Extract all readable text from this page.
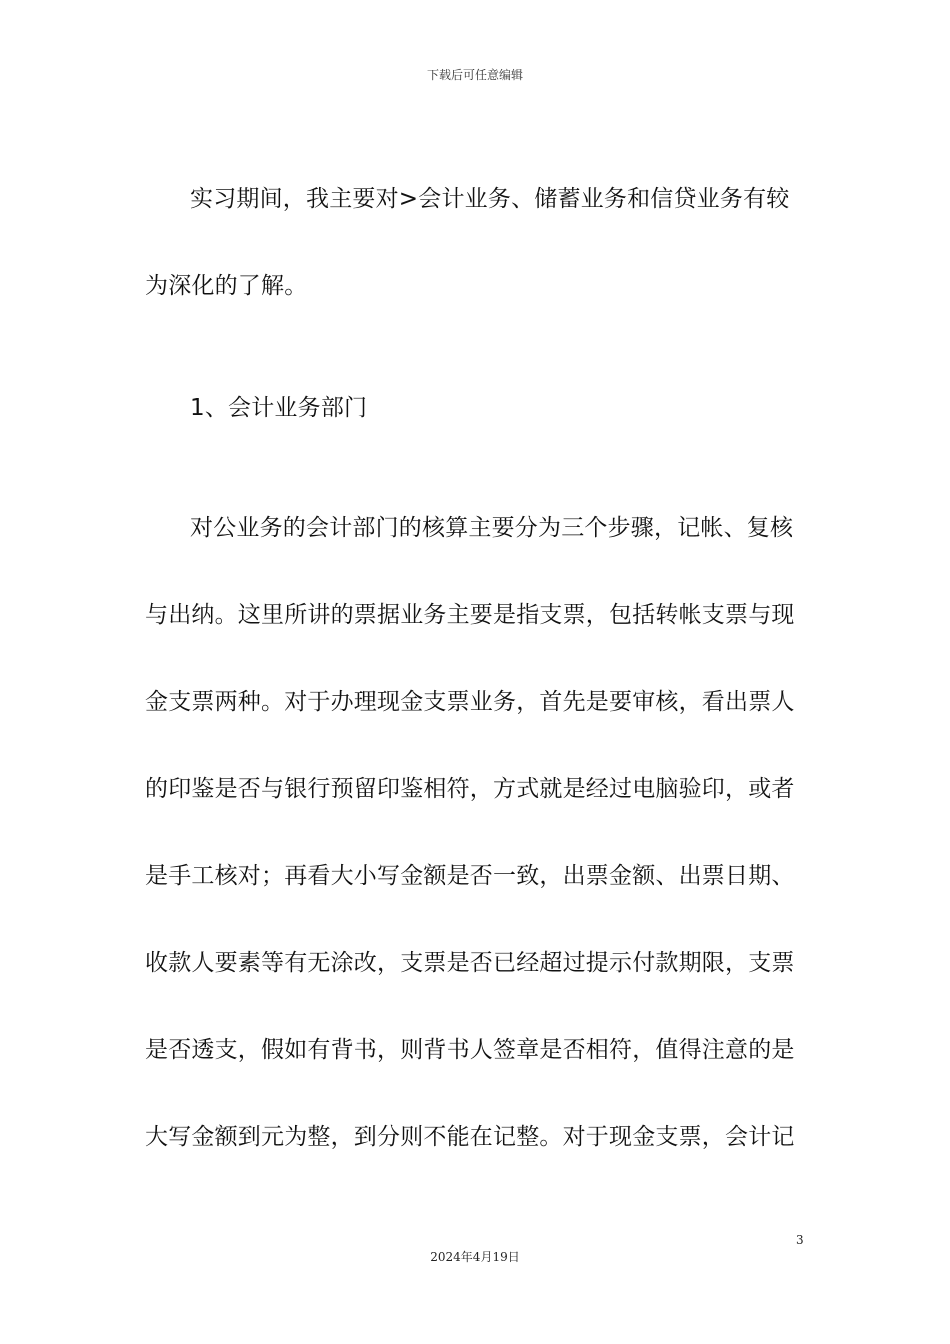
下载后可任意编辑
实习期间，我主要对>会计业务、储蓄业务和信贷业务有较
为深化的了解。
1、会计业务部门
对公业务的会计部门的核算主要分为三个步骤，记帐、复核
与出纳。这里所讲的票据业务主要是指支票，包括转帐支票与现
金支票两种。对于办理现金支票业务，首先是要审核，看出票人
的印鉴是否与银行预留印鉴相符，方式就是经过电脑验印，或者
是手工核对；再看大小写金额是否一致，出票金额、出票日期、
收款人要素等有无涂改，支票是否已经超过提示付款期限，支票
是否透支，假如有背书，则背书人签章是否相符，值得注意的是
大写金额到元为整，到分则不能在记整。对于现金支票，会计记
3
2024年4月19日
